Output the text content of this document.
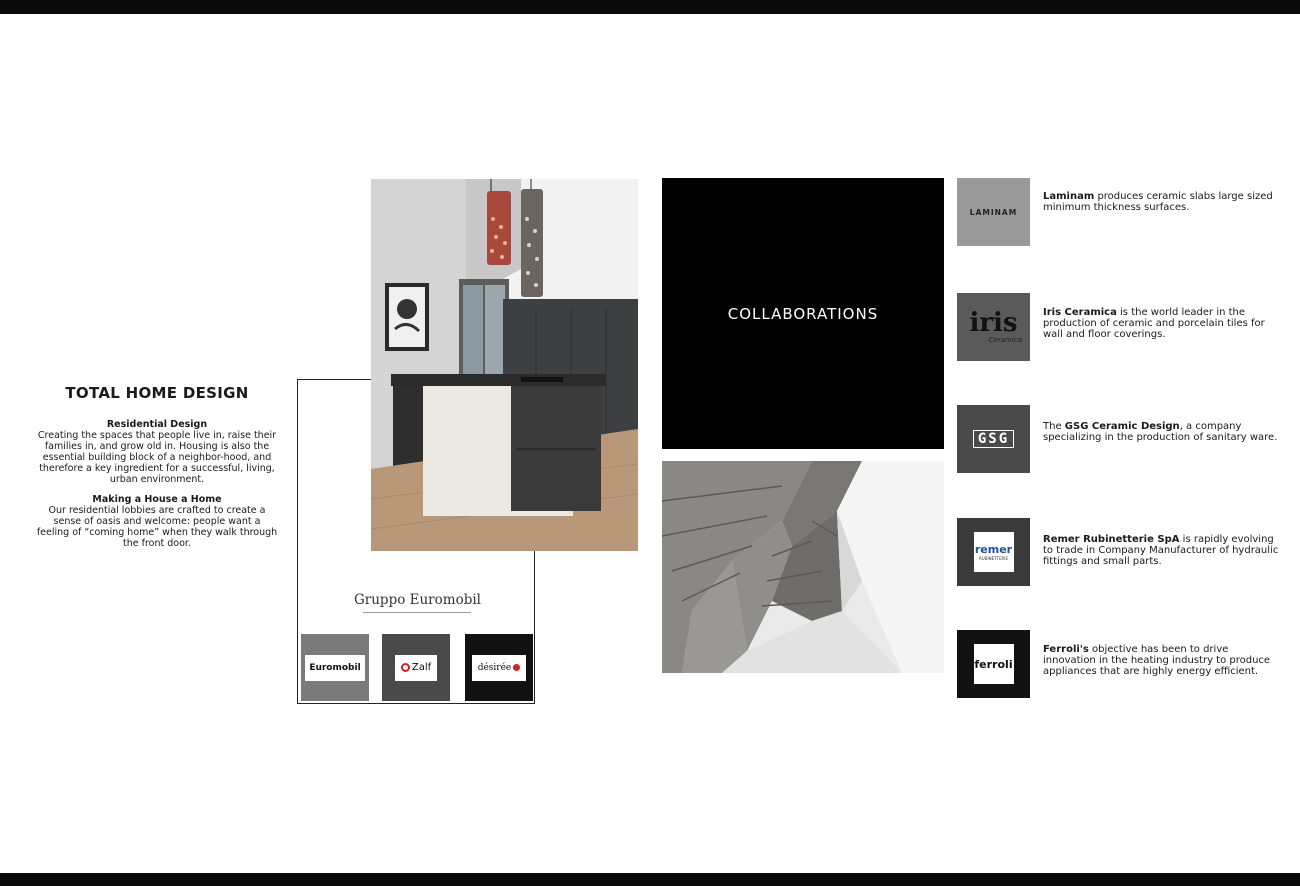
TOTAL HOME DESIGN
Residential Design

Creating the spaces that people live in, raise their families in, and grow old in. Housing is also the essential building block of a neighbor-hood, and therefore a key ingredient for a successful, living, urban environment.

Making a House a Home

Our residential lobbies are crafted to create a sense of oasis and welcome: people want a feeling of “coming home” when they walk through the front door.

Gruppo Euromobil
Euromobil	Zalf	désirée
COLLABORATIONS
LAMINAM
Laminam produces ceramic slabs large sized minimum thickness surfaces.
iris
Ceramica
Iris Ceramica is the world leader in the production of ceramic and porcelain tiles for wall and floor coverings.
GSG
The GSG Ceramic Design, a company specializing in the production of sanitary ware.
remer
RUBINETTERIE
Remer Rubinetterie SpA is rapidly evolving to trade in Company Manufacturer of hydraulic fittings and small parts.
ferroli
Ferroli's objective has been to drive innovation in the heating industry to produce appliances that are highly energy efficient.
